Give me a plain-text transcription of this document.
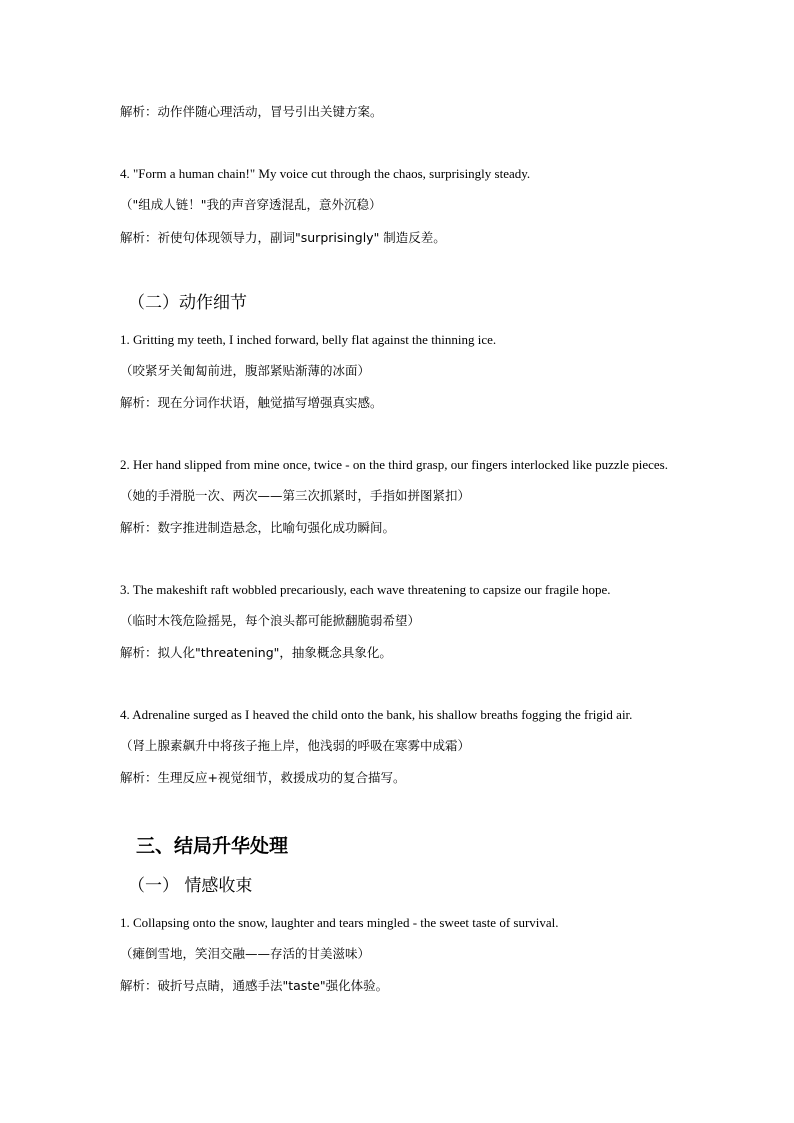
解析：动作伴随心理活动，冒号引出关键方案。
4. "Form a human chain!" My voice cut through the chaos, surprisingly steady.
（"组成人链！"我的声音穿透混乱，意外沉稳）
解析：祈使句体现领导力，副词"surprisingly" 制造反差。
（二）动作细节
1. Gritting my teeth, I inched forward, belly flat against the thinning ice.
（咬紧牙关匍匐前进，腹部紧贴渐薄的冰面）
解析：现在分词作状语，触觉描写增强真实感。
2. Her hand slipped from mine once, twice - on the third grasp, our fingers interlocked like puzzle pieces.
（她的手滑脱一次、两次——第三次抓紧时，手指如拼图紧扣）
解析：数字推进制造悬念，比喻句强化成功瞬间。
3. The makeshift raft wobbled precariously, each wave threatening to capsize our fragile hope.
（临时木筏危险摇晃，每个浪头都可能掀翻脆弱希望）
解析：拟人化"threatening"，抽象概念具象化。
4. Adrenaline surged as I heaved the child onto the bank, his shallow breaths fogging the frigid air.
（肾上腺素飙升中将孩子拖上岸，他浅弱的呼吸在寒雾中成霜）
解析：生理反应+视觉细节，救援成功的复合描写。
三、结局升华处理
（一） 情感收束
1. Collapsing onto the snow, laughter and tears mingled - the sweet taste of survival.
（瘫倒雪地，笑泪交融——存活的甘美滋味）
解析：破折号点睛，通感手法"taste"强化体验。
